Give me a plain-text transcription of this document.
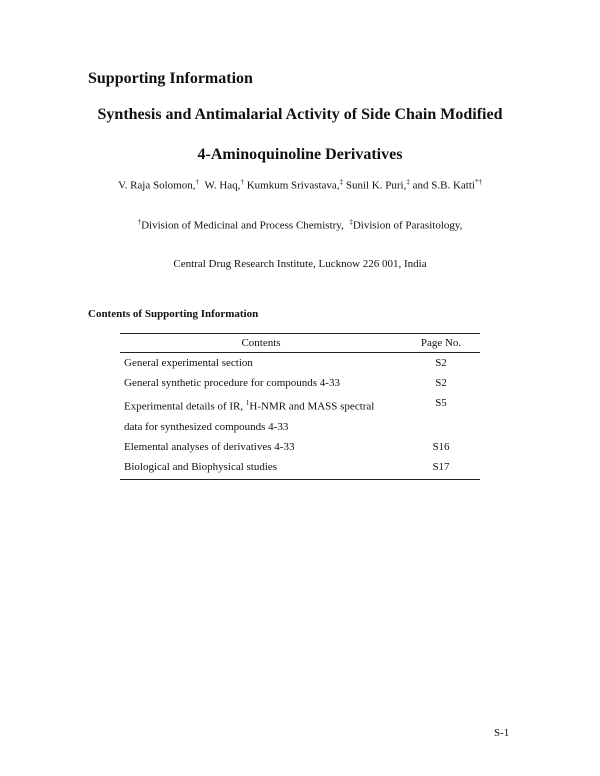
Supporting Information
Synthesis and Antimalarial Activity of Side Chain Modified
4-Aminoquinoline Derivatives
V. Raja Solomon,† W. Haq,† Kumkum Srivastava,‡ Sunil K. Puri,‡ and S.B. Katti*†
†Division of Medicinal and Process Chemistry, ‡Division of Parasitology,
Central Drug Research Institute, Lucknow 226 001, India
Contents of Supporting Information
Contents	Page No.
General experimental section	S2
General synthetic procedure for compounds 4-33	S2
Experimental details of IR, $^1$H-NMR and MASS spectral
data for synthesized compounds 4-33	S5
Elemental analyses of derivatives 4-33	S16
Biological and Biophysical studies	S17
S-1
